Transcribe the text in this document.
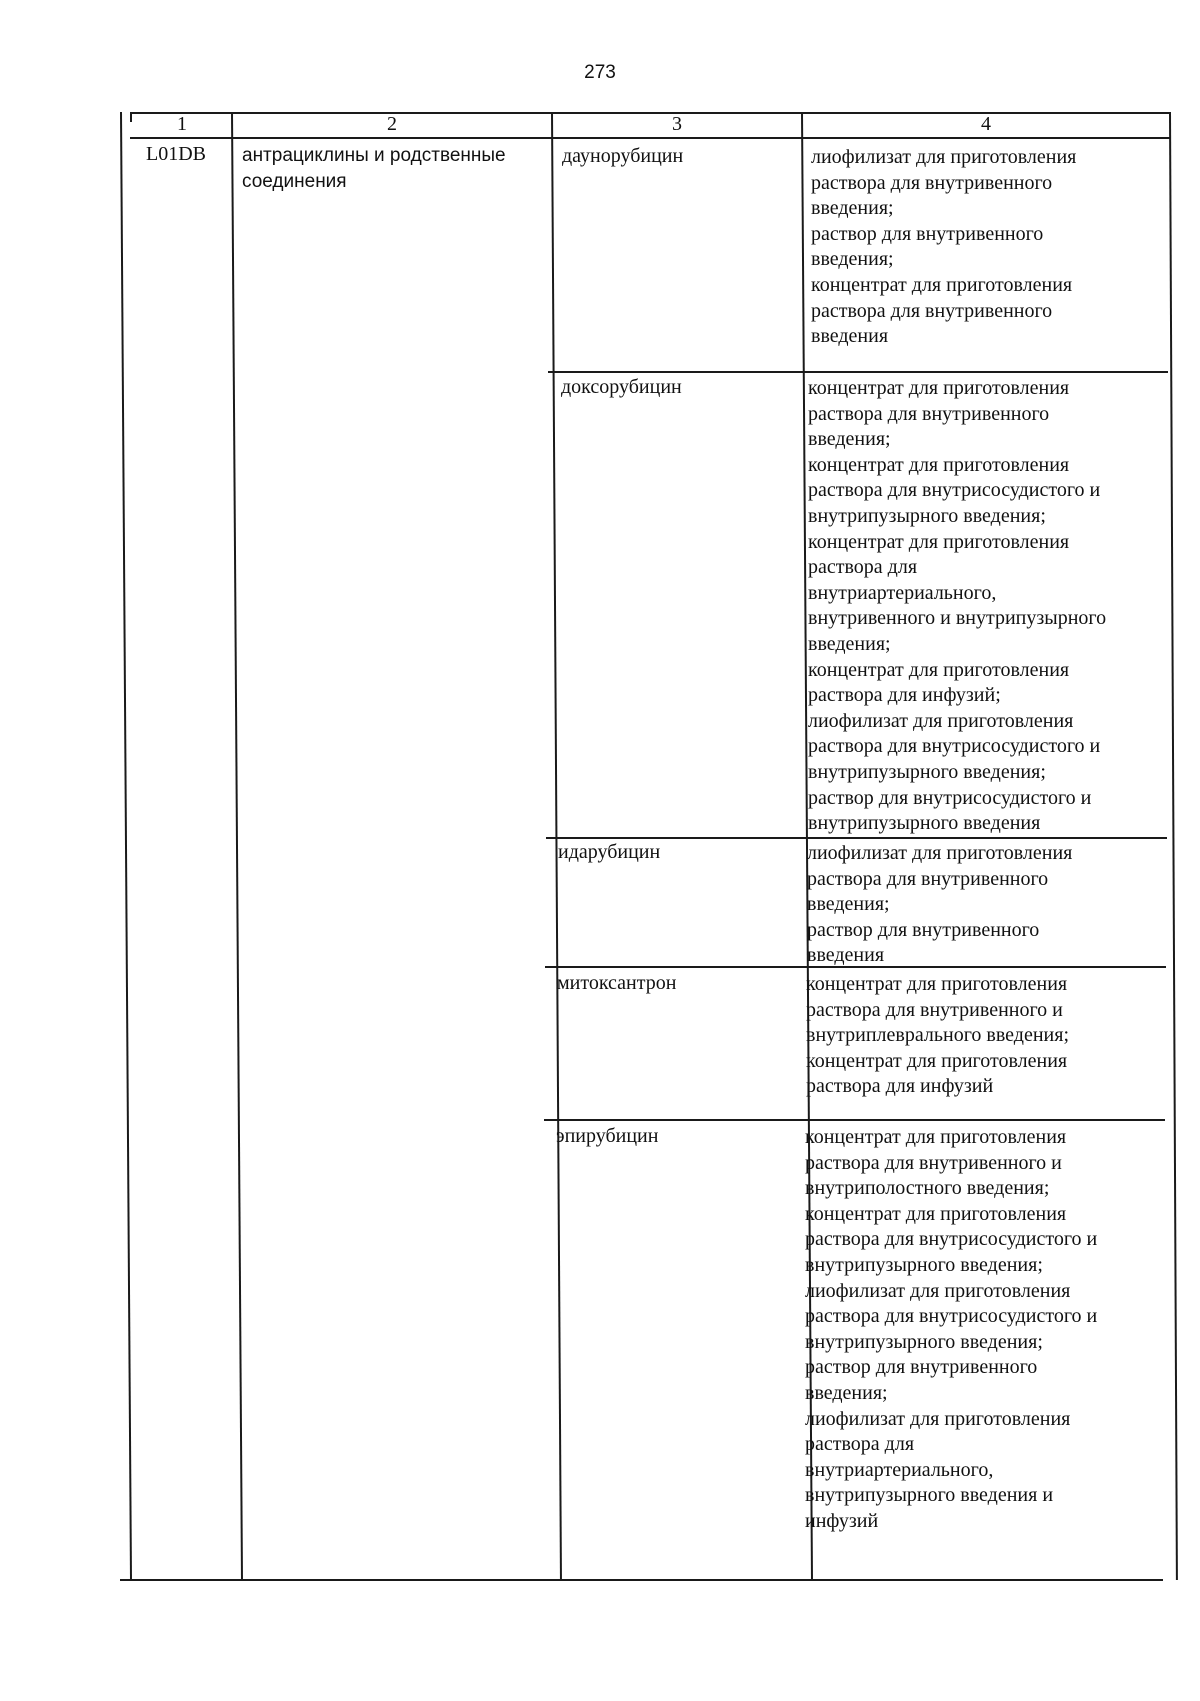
273
1	2	3	4
L01DB антрациклины и родственные
соединения
даунорубицин	лиофилизат для приготовления
раствора для внутривенного
введения;
раствор для внутривенного
введения;
концентрат для приготовления
раствора для внутривенного
введения
доксорубицин	концентрат для приготовления
раствора для внутривенного
введения;
концентрат для приготовления
раствора для внутрисосудистого и
внутрипузырного введения;
концентрат для приготовления
раствора для
внутриартериального,
внутривенного и внутрипузырного
введения;
концентрат для приготовления
раствора для инфузий;
лиофилизат для приготовления
раствора для внутрисосудистого и
внутрипузырного введения;
раствор для внутрисосудистого и
внутрипузырного введения
идарубицин	лиофилизат для приготовления
раствора для внутривенного
введения;
раствор для внутривенного
введения
митоксантрон	концентрат для приготовления
раствора для внутривенного и
внутриплеврального введения;
концентрат для приготовления
раствора для инфузий
эпирубицин	концентрат для приготовления
раствора для внутривенного и
внутриполостного введения;
концентрат для приготовления
раствора для внутрисосудистого и
внутрипузырного введения;
лиофилизат для приготовления
раствора для внутрисосудистого и
внутрипузырного введения;
раствор для внутривенного
введения;
лиофилизат для приготовления
раствора для
внутриартериального,
внутрипузырного введения и
инфузий
